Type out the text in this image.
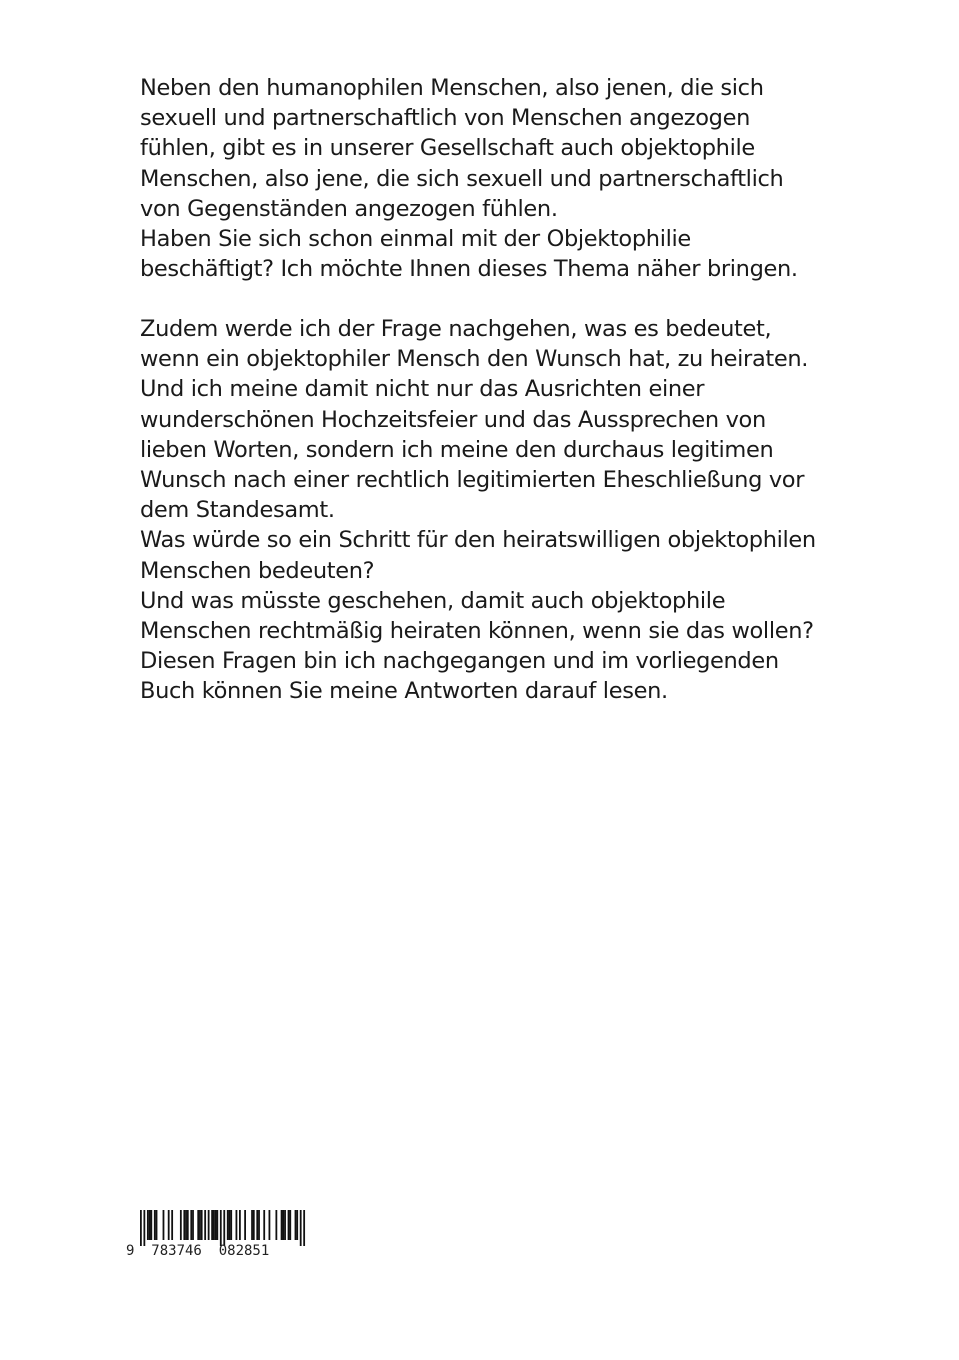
Neben den humanophilen Menschen, also jenen, die sich
sexuell und partnerschaftlich von Menschen angezogen
fühlen, gibt es in unserer Gesellschaft auch objektophile
Menschen, also jene, die sich sexuell und partnerschaftlich
von Gegenständen angezogen fühlen.
Haben Sie sich schon einmal mit der Objektophilie
beschäftigt? Ich möchte Ihnen dieses Thema näher bringen.
Zudem werde ich der Frage nachgehen, was es bedeutet,
wenn ein objektophiler Mensch den Wunsch hat, zu heiraten.
Und ich meine damit nicht nur das Ausrichten einer
wunderschönen Hochzeitsfeier und das Aussprechen von
lieben Worten, sondern ich meine den durchaus legitimen
Wunsch nach einer rechtlich legitimierten Eheschließung vor
dem Standesamt.
Was würde so ein Schritt für den heiratswilligen objektophilen
Menschen bedeuten?
Und was müsste geschehen, damit auch objektophile
Menschen rechtmäßig heiraten können, wenn sie das wollen?
Diesen Fragen bin ich nachgegangen und im vorliegenden
Buch können Sie meine Antworten darauf lesen.
9  783746  082851
